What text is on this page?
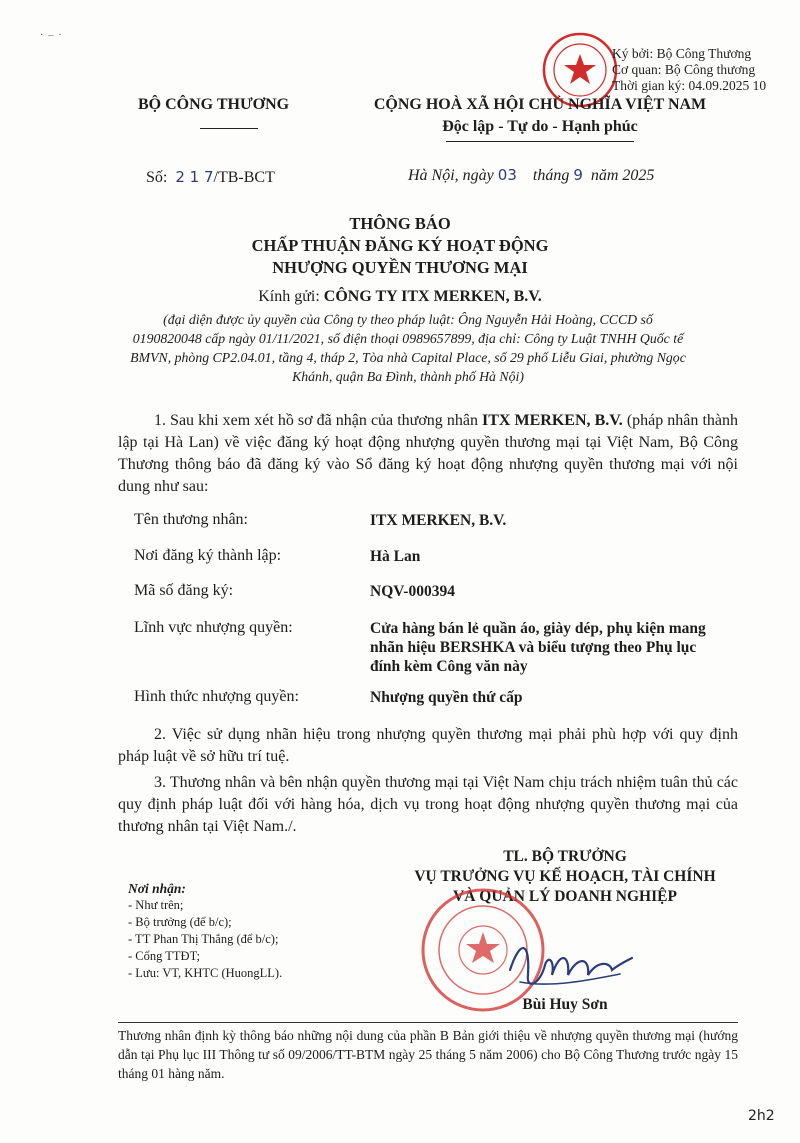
·  –  ·
Ký bởi: Bộ Công Thương
Cơ quan: Bộ Công thương
Thời gian ký: 04.09.2025 10
BỘ CÔNG THƯƠNG	CỘNG HOÀ XÃ HỘI CHỦ NGHĨA VIỆT NAM
Độc lập - Tự do - Hạnh phúc
Số: 2 1 7/TB-BCT	Hà Nội, ngày 03 tháng 9 năm 2025
THÔNG BÁO
CHẤP THUẬN ĐĂNG KÝ HOẠT ĐỘNG
NHƯỢNG QUYỀN THƯƠNG MẠI
Kính gửi: CÔNG TY ITX MERKEN, B.V.
(đại diện được ủy quyền của Công ty theo pháp luật: Ông Nguyễn Hải Hoàng, CCCD số 0190820048 cấp ngày 01/11/2021, số điện thoại 0989657899, địa chỉ: Công ty Luật TNHH Quốc tế BMVN, phòng CP2.04.01, tầng 4, tháp 2, Tòa nhà Capital Place, số 29 phố Liễu Giai, phường Ngọc Khánh, quận Ba Đình, thành phố Hà Nội)
1. Sau khi xem xét hồ sơ đã nhận của thương nhân ITX MERKEN, B.V. (pháp nhân thành lập tại Hà Lan) về việc đăng ký hoạt động nhượng quyền thương mại tại Việt Nam, Bộ Công Thương thông báo đã đăng ký vào Sổ đăng ký hoạt động nhượng quyền thương mại với nội dung như sau:
Tên thương nhân:	ITX MERKEN, B.V.
Nơi đăng ký thành lập:	Hà Lan
Mã số đăng ký:	NQV-000394
Lĩnh vực nhượng quyền:	Cửa hàng bán lẻ quần áo, giày dép, phụ kiện mang nhãn hiệu BERSHKA và biểu tượng theo Phụ lục đính kèm Công văn này
Hình thức nhượng quyền:	Nhượng quyền thứ cấp
2. Việc sử dụng nhãn hiệu trong nhượng quyền thương mại phải phù hợp với quy định pháp luật về sở hữu trí tuệ.
3. Thương nhân và bên nhận quyền thương mại tại Việt Nam chịu trách nhiệm tuân thủ các quy định pháp luật đối với hàng hóa, dịch vụ trong hoạt động nhượng quyền thương mại của thương nhân tại Việt Nam./.
Nơi nhận:
- Như trên;
- Bộ trưởng (để b/c);
- TT Phan Thị Thắng (để b/c);
- Cổng TTĐT;
- Lưu: VT, KHTC (HuongLL).
TL. BỘ TRƯỞNG
VỤ TRƯỞNG VỤ KẾ HOẠCH, TÀI CHÍNH
VÀ QUẢN LÝ DOANH NGHIỆP
Bùi Huy Sơn
Thương nhân định kỳ thông báo những nội dung của phần B Bản giới thiệu về nhượng quyền thương mại (hướng dẫn tại Phụ lục III Thông tư số 09/2006/TT-BTM ngày 25 tháng 5 năm 2006) cho Bộ Công Thương trước ngày 15 tháng 01 hàng năm.
2h2
